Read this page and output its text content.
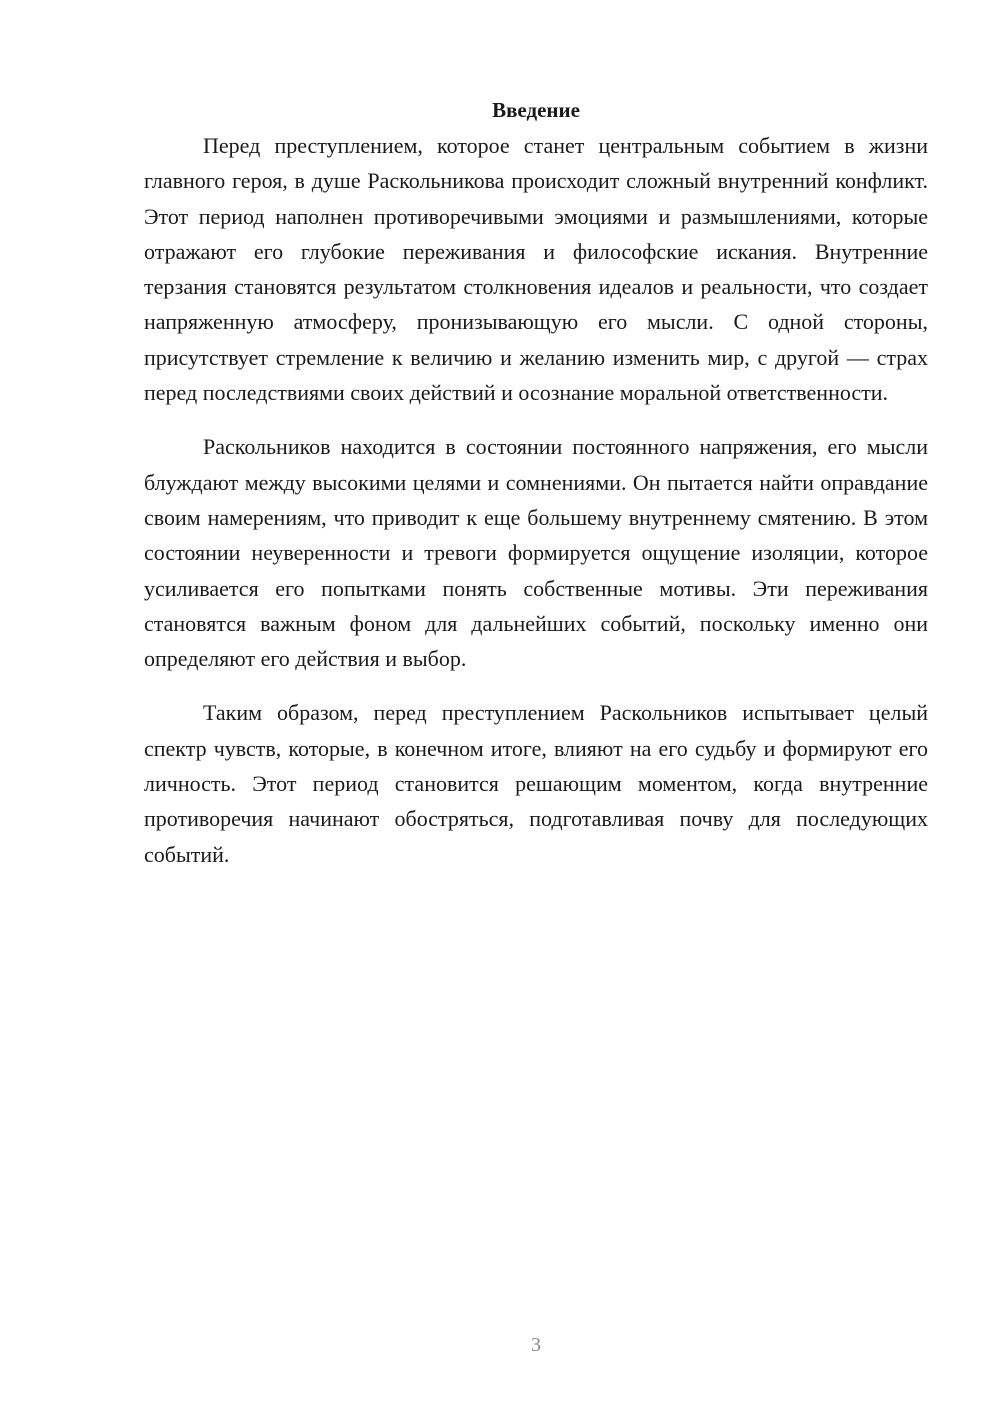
Введение

Перед преступлением, которое станет центральным событием в жизни главного героя, в душе Раскольникова происходит сложный внутренний конфликт. Этот период наполнен противоречивыми эмоциями и размышлениями, которые отражают его глубокие переживания и философские искания. Внутренние терзания становятся результатом столкновения идеалов и реальности, что создает напряженную атмосферу, пронизывающую его мысли. С одной стороны, присутствует стремление к величию и желанию изменить мир, с другой — страх перед последствиями своих действий и осознание моральной ответственности.

Раскольников находится в состоянии постоянного напряжения, его мысли блуждают между высокими целями и сомнениями. Он пытается найти оправдание своим намерениям, что приводит к еще большему внутреннему смятению. В этом состоянии неуверенности и тревоги формируется ощущение изоляции, которое усиливается его попытками понять собственные мотивы. Эти переживания становятся важным фоном для дальнейших событий, поскольку именно они определяют его действия и выбор.

Таким образом, перед преступлением Раскольников испытывает целый спектр чувств, которые, в конечном итоге, влияют на его судьбу и формируют его личность. Этот период становится решающим моментом, когда внутренние противоречия начинают обостряться, подготавливая почву для последующих событий.

3
